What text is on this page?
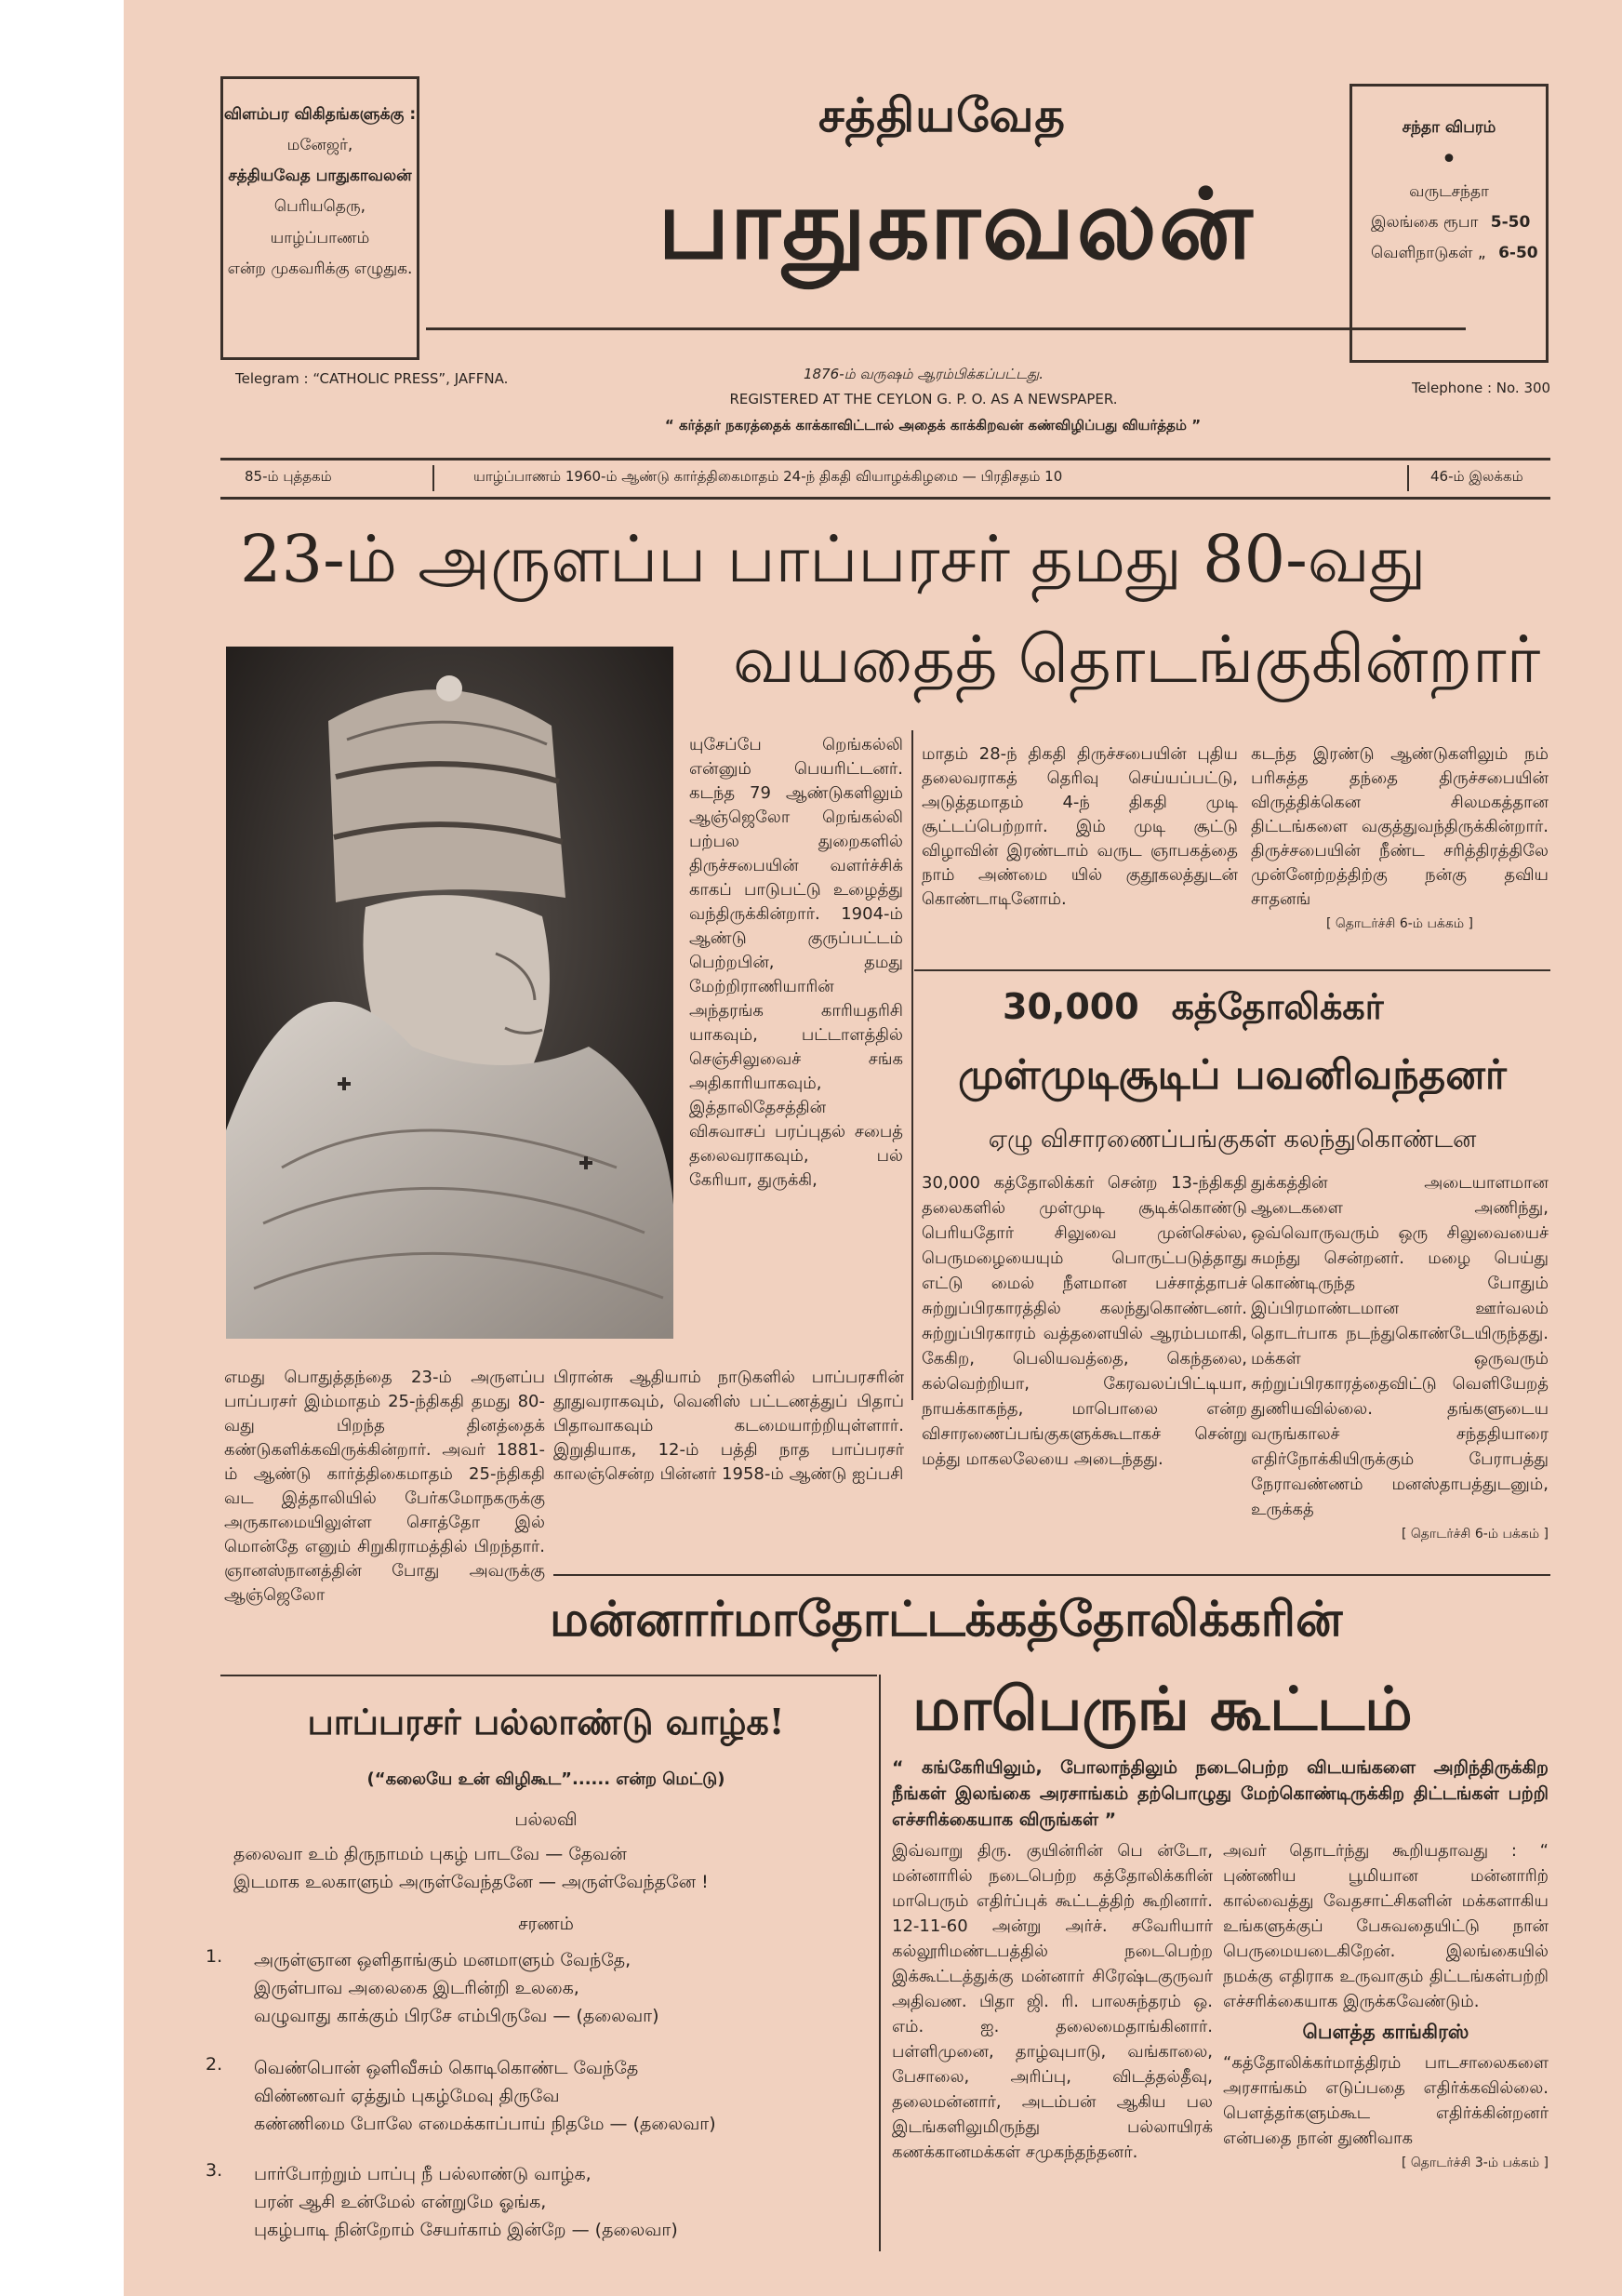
விளம்பர விகிதங்களுக்கு :
மனேஜர்,
சத்தியவேத பாதுகாவலன்
பெரியதெரு,
யாழ்ப்பாணம்
என்ற முகவரிக்கு எழுதுக.
சத்தியவேத
பாதுகாவலன்
சந்தா விபரம்
•
வருடசந்தா
இலங்கை ரூபா 5-50
வெளிநாடுகள் „ 6-50
Telegram : “CATHOLIC PRESS”, JAFFNA.	1876-ம் வருஷம் ஆரம்பிக்கப்பட்டது.
REGISTERED AT THE CEYLON G. P. O. AS A NEWSPAPER.
Telephone : No. 300
“ கர்த்தர் நகரத்தைக் காக்காவிட்டால் அதைக் காக்கிறவன் கண்விழிப்பது வியர்த்தம் ”
85-ம் புத்தகம்	யாழ்ப்பாணம் 1960-ம் ஆண்டு கார்த்திகைமாதம் 24-ந் திகதி வியாழக்கிழமை — பிரதிசதம் 10	46-ம் இலக்கம்
23-ம் அருளப்ப பாப்பரசர் தமது 80-வது
வயதைத் தொடங்குகின்றார்
யுசேப்பே றெங்கல்லி என்னும் பெயரிட்டனர். கடந்த 79 ஆண்டுகளிலும் ஆஞ்ஜெலோ றெங்கல்லி பற்பல துறைகளில் திருச்சபையின் வளர்ச்சிக் காகப் பாடுபட்டு உழைத்து வந்திருக்கின்றார். 1904-ம் ஆண்டு குருப்பட்டம் பெற்றபின், தமது மேற்றிராணியாரின் அந்தரங்க காரியதரிசி யாகவும், பட்டாளத்தில் செஞ்சிலுவைச் சங்க அதிகாரியாகவும், இத்தாலிதேசத்தின் விசுவாசப் பரப்புதல் சபைத் தலைவராகவும், பல் கேரியா, துருக்கி,
மாதம் 28-ந் திகதி திருச்சபையின் புதிய தலைவராகத் தெரிவு செய்யப்பட்டு, அடுத்தமாதம் 4-ந் திகதி முடி சூட்டப்பெற்றார். இம் முடி சூட்டு விழாவின் இரண்டாம் வருட ஞாபகத்தை நாம் அண்மை யில் குதூகலத்துடன் கொண்டாடினோம்.
கடந்த இரண்டு ஆண்டுகளிலும் நம் பரிசுத்த தந்தை திருச்சபையின் விருத்திக்கென சிலமகத்தான திட்டங்களை வகுத்துவந்திருக்கின்றார். திருச்சபையின் நீண்ட சரித்திரத்திலே முன்னேற்றத்திற்கு நன்கு தவிய சாதனங்
[ தொடர்ச்சி 6-ம் பக்கம் ]
எமது பொதுத்தந்தை 23-ம் அருளப்ப பாப்பரசர் இம்மாதம் 25-ந்திகதி தமது 80-வது பிறந்த தினத்தைக் கண்டுகளிக்கவிருக்கின்றார். அவர் 1881-ம் ஆண்டு கார்த்திகைமாதம் 25-ந்திகதி வட இத்தாலியில் பேர்கமோநகருக்கு அருகாமையிலுள்ள சொத்தோ இல் மொன்தே எனும் சிறுகிராமத்தில் பிறந்தார். ஞானஸ்நானத்தின் போது அவருக்கு ஆஞ்ஜெலோ
பிரான்சு ஆதியாம் நாடுகளில் பாப்பரசரின் தூதுவராகவும், வெனிஸ் பட்டணத்துப் பிதாப் பிதாவாகவும் கடமையாற்றியுள்ளார். இறுதியாக, 12-ம் பத்தி நாத பாப்பரசர் காலஞ்சென்ற பின்னர் 1958-ம் ஆண்டு ஐப்பசி
30,000 கத்தோலிக்கர்
முள்முடிசூடிப் பவனிவந்தனர்
ஏழு விசாரணைப்பங்குகள் கலந்துகொண்டன
30,000 கத்தோலிக்கர் சென்ற 13-ந்திகதி தலைகளில் முள்முடி சூடிக்கொண்டு பெரியதோர் சிலுவை முன்செல்ல, பெருமழையையும் பொருட்படுத்தாது எட்டு மைல் நீளமான பச்சாத்தாபச் சுற்றுப்பிரகாரத்தில் கலந்துகொண்டனர். சுற்றுப்பிரகாரம் வத்தளையில் ஆரம்பமாகி, கேகிற, பெலியவத்தை, கெந்தலை, கல்வெற்றியா, கேரவலப்பிட்டியா, நாயக்காகந்த, மாபொலை என்ற விசாரணைப்பங்குகளுக்கூடாகச் சென்று மத்து மாகலலேயை அடைந்தது.
துக்கத்தின் அடையாளமான ஆடைகளை அணிந்து, ஒவ்வொருவரும் ஒரு சிலுவையைச் சுமந்து சென்றனர். மழை பெய்து கொண்டிருந்த போதும் இப்பிரமாண்டமான ஊர்வலம் தொடர்பாக நடந்துகொண்டேயிருந்தது. மக்கள் ஒருவரும் சுற்றுப்பிரகாரத்தைவிட்டு வெளியேறத் துணியவில்லை. தங்களுடைய வருங்காலச் சந்ததியாரை எதிர்நோக்கியிருக்கும் பேராபத்து நேராவண்ணம் மனஸ்தாபத்துடனும், உருக்கத்
[ தொடர்ச்சி 6-ம் பக்கம் ]
மன்னார்மாதோட்டக்கத்தோலிக்கரின்
மாபெருங் கூட்டம்
“ கங்கேரியிலும், போலாந்திலும் நடைபெற்ற விடயங்களை அறிந்திருக்கிற நீங்கள் இலங்கை அரசாங்கம் தற்பொழுது மேற்கொண்டிருக்கிற திட்டங்கள் பற்றி எச்சரிக்கையாக விருங்கள் ”
இவ்வாறு திரு. குயின்ரின் பெ ன்டோ, மன்னாரில் நடைபெற்ற கத்தோலிக்கரின் மாபெரும் எதிர்ப்புக் கூட்டத்திற் கூறினார். 12-11-60 அன்று அர்ச். சவேரியார் கல்லூரிமண்டபத்தில் நடைபெற்ற இக்கூட்டத்துக்கு மன்னார் சிரேஷ்டகுருவர் அதிவண. பிதா ஜி. ரி. பாலசுந்தரம் ஒ. எம். ஐ. தலைமைதாங்கினார். பள்ளிமுனை, தாழ்வுபாடு, வங்காலை, பேசாலை, அரிப்பு, விடத்தல்தீவு, தலைமன்னார், அடம்பன் ஆகிய பல இடங்களிலுமிருந்து பல்லாயிரக் கணக்கானமக்கள் சமுகந்தந்தனர்.
அவர் தொடர்ந்து கூறியதாவது : “ புண்ணிய பூமியான மன்னாரிற் கால்வைத்து வேதசாட்சிகளின் மக்களாகிய உங்களுக்குப் பேசுவதையிட்டு நான் பெருமையடைகிறேன். இலங்கையில் நமக்கு எதிராக உருவாகும் திட்டங்கள்பற்றி எச்சரிக்கையாக இருக்கவேண்டும்.
பௌத்த காங்கிரஸ்
“கத்தோலிக்கர்மாத்திரம் பாடசாலைகளை அரசாங்கம் எடுப்பதை எதிர்க்கவில்லை. பௌத்தர்களும்கூட எதிர்க்கின்றனர் என்பதை நான் துணிவாக
[ தொடர்ச்சி 3-ம் பக்கம் ]
பாப்பரசர் பல்லாண்டு வாழ்க!
(“கலையே உன் விழிகூட”...... என்ற மெட்டு)
பல்லவி
தலைவா உம் திருநாமம் புகழ் பாடவே — தேவன்
இடமாக உலகாளும் அருள்வேந்தனே — அருள்வேந்தனே !
சரணம்
1. அருள்ஞான ஒளிதாங்கும் மனமாளும் வேந்தே,
இருள்பாவ அலைகை இடரின்றி உலகை,
வழுவாது காக்கும் பிரசே எம்பிருவே — (தலைவா)
2. வெண்பொன் ஒளிவீசும் கொடிகொண்ட வேந்தே
விண்ணவர் ஏத்தும் புகழ்மேவு திருவே
கண்ணிமை போலே எமைக்காப்பாய் நிதமே — (தலைவா)
3. பார்போற்றும் பாப்பு நீ பல்லாண்டு வாழ்க,
பரன் ஆசி உன்மேல் என்றுமே ஓங்க,
புகழ்பாடி நின்றோம் சேயர்காம் இன்றே — (தலைவா)
